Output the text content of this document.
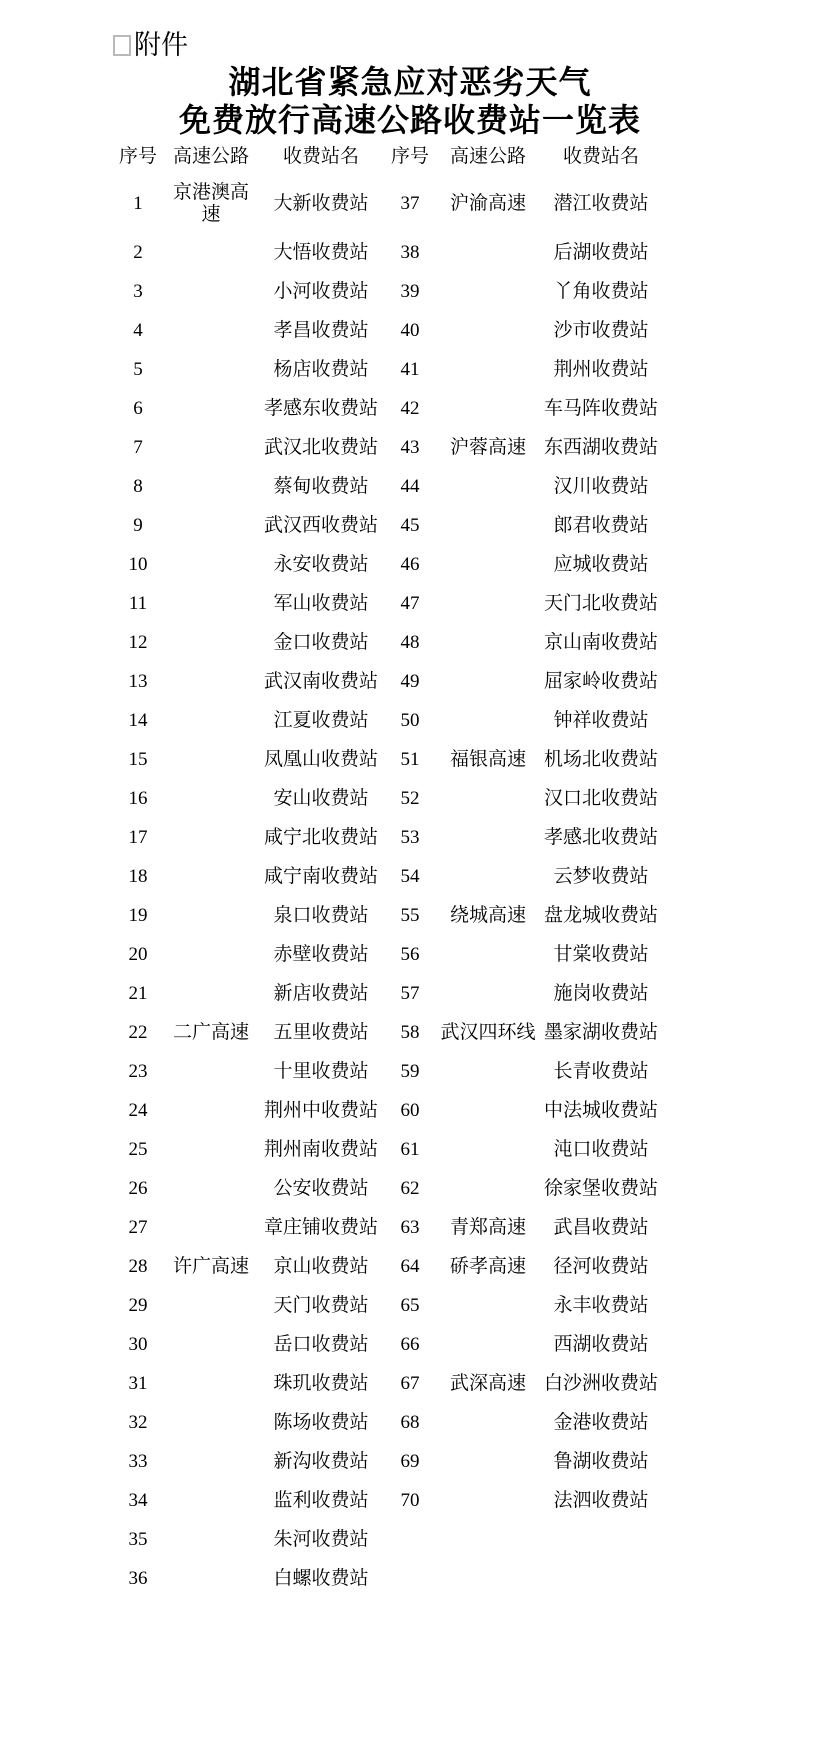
附件
湖北省紧急应对恶劣天气
免费放行高速公路收费站一览表
序号	高速公路	收费站名	序号	高速公路	收费站名
1	京港澳高速	大新收费站	37	沪渝高速	潜江收费站
2		大悟收费站	38		后湖收费站
3		小河收费站	39		丫角收费站
4		孝昌收费站	40		沙市收费站
5		杨店收费站	41		荆州收费站
6		孝感东收费站	42		车马阵收费站
7		武汉北收费站	43	沪蓉高速	东西湖收费站
8		蔡甸收费站	44		汉川收费站
9		武汉西收费站	45		郎君收费站
10		永安收费站	46		应城收费站
11		军山收费站	47		天门北收费站
12		金口收费站	48		京山南收费站
13		武汉南收费站	49		屈家岭收费站
14		江夏收费站	50		钟祥收费站
15		凤凰山收费站	51	福银高速	机场北收费站
16		安山收费站	52		汉口北收费站
17		咸宁北收费站	53		孝感北收费站
18		咸宁南收费站	54		云梦收费站
19		泉口收费站	55	绕城高速	盘龙城收费站
20		赤壁收费站	56		甘棠收费站
21		新店收费站	57		施岗收费站
22	二广高速	五里收费站	58	武汉四环线	墨家湖收费站
23		十里收费站	59		长青收费站
24		荆州中收费站	60		中法城收费站
25		荆州南收费站	61		沌口收费站
26		公安收费站	62		徐家堡收费站
27		章庄铺收费站	63	青郑高速	武昌收费站
28	许广高速	京山收费站	64	硚孝高速	径河收费站
29		天门收费站	65		永丰收费站
30		岳口收费站	66		西湖收费站
31		珠玑收费站	67	武深高速	白沙洲收费站
32		陈场收费站	68		金港收费站
33		新沟收费站	69		鲁湖收费站
34		监利收费站	70		法泗收费站
35		朱河收费站			
36		白螺收费站			
